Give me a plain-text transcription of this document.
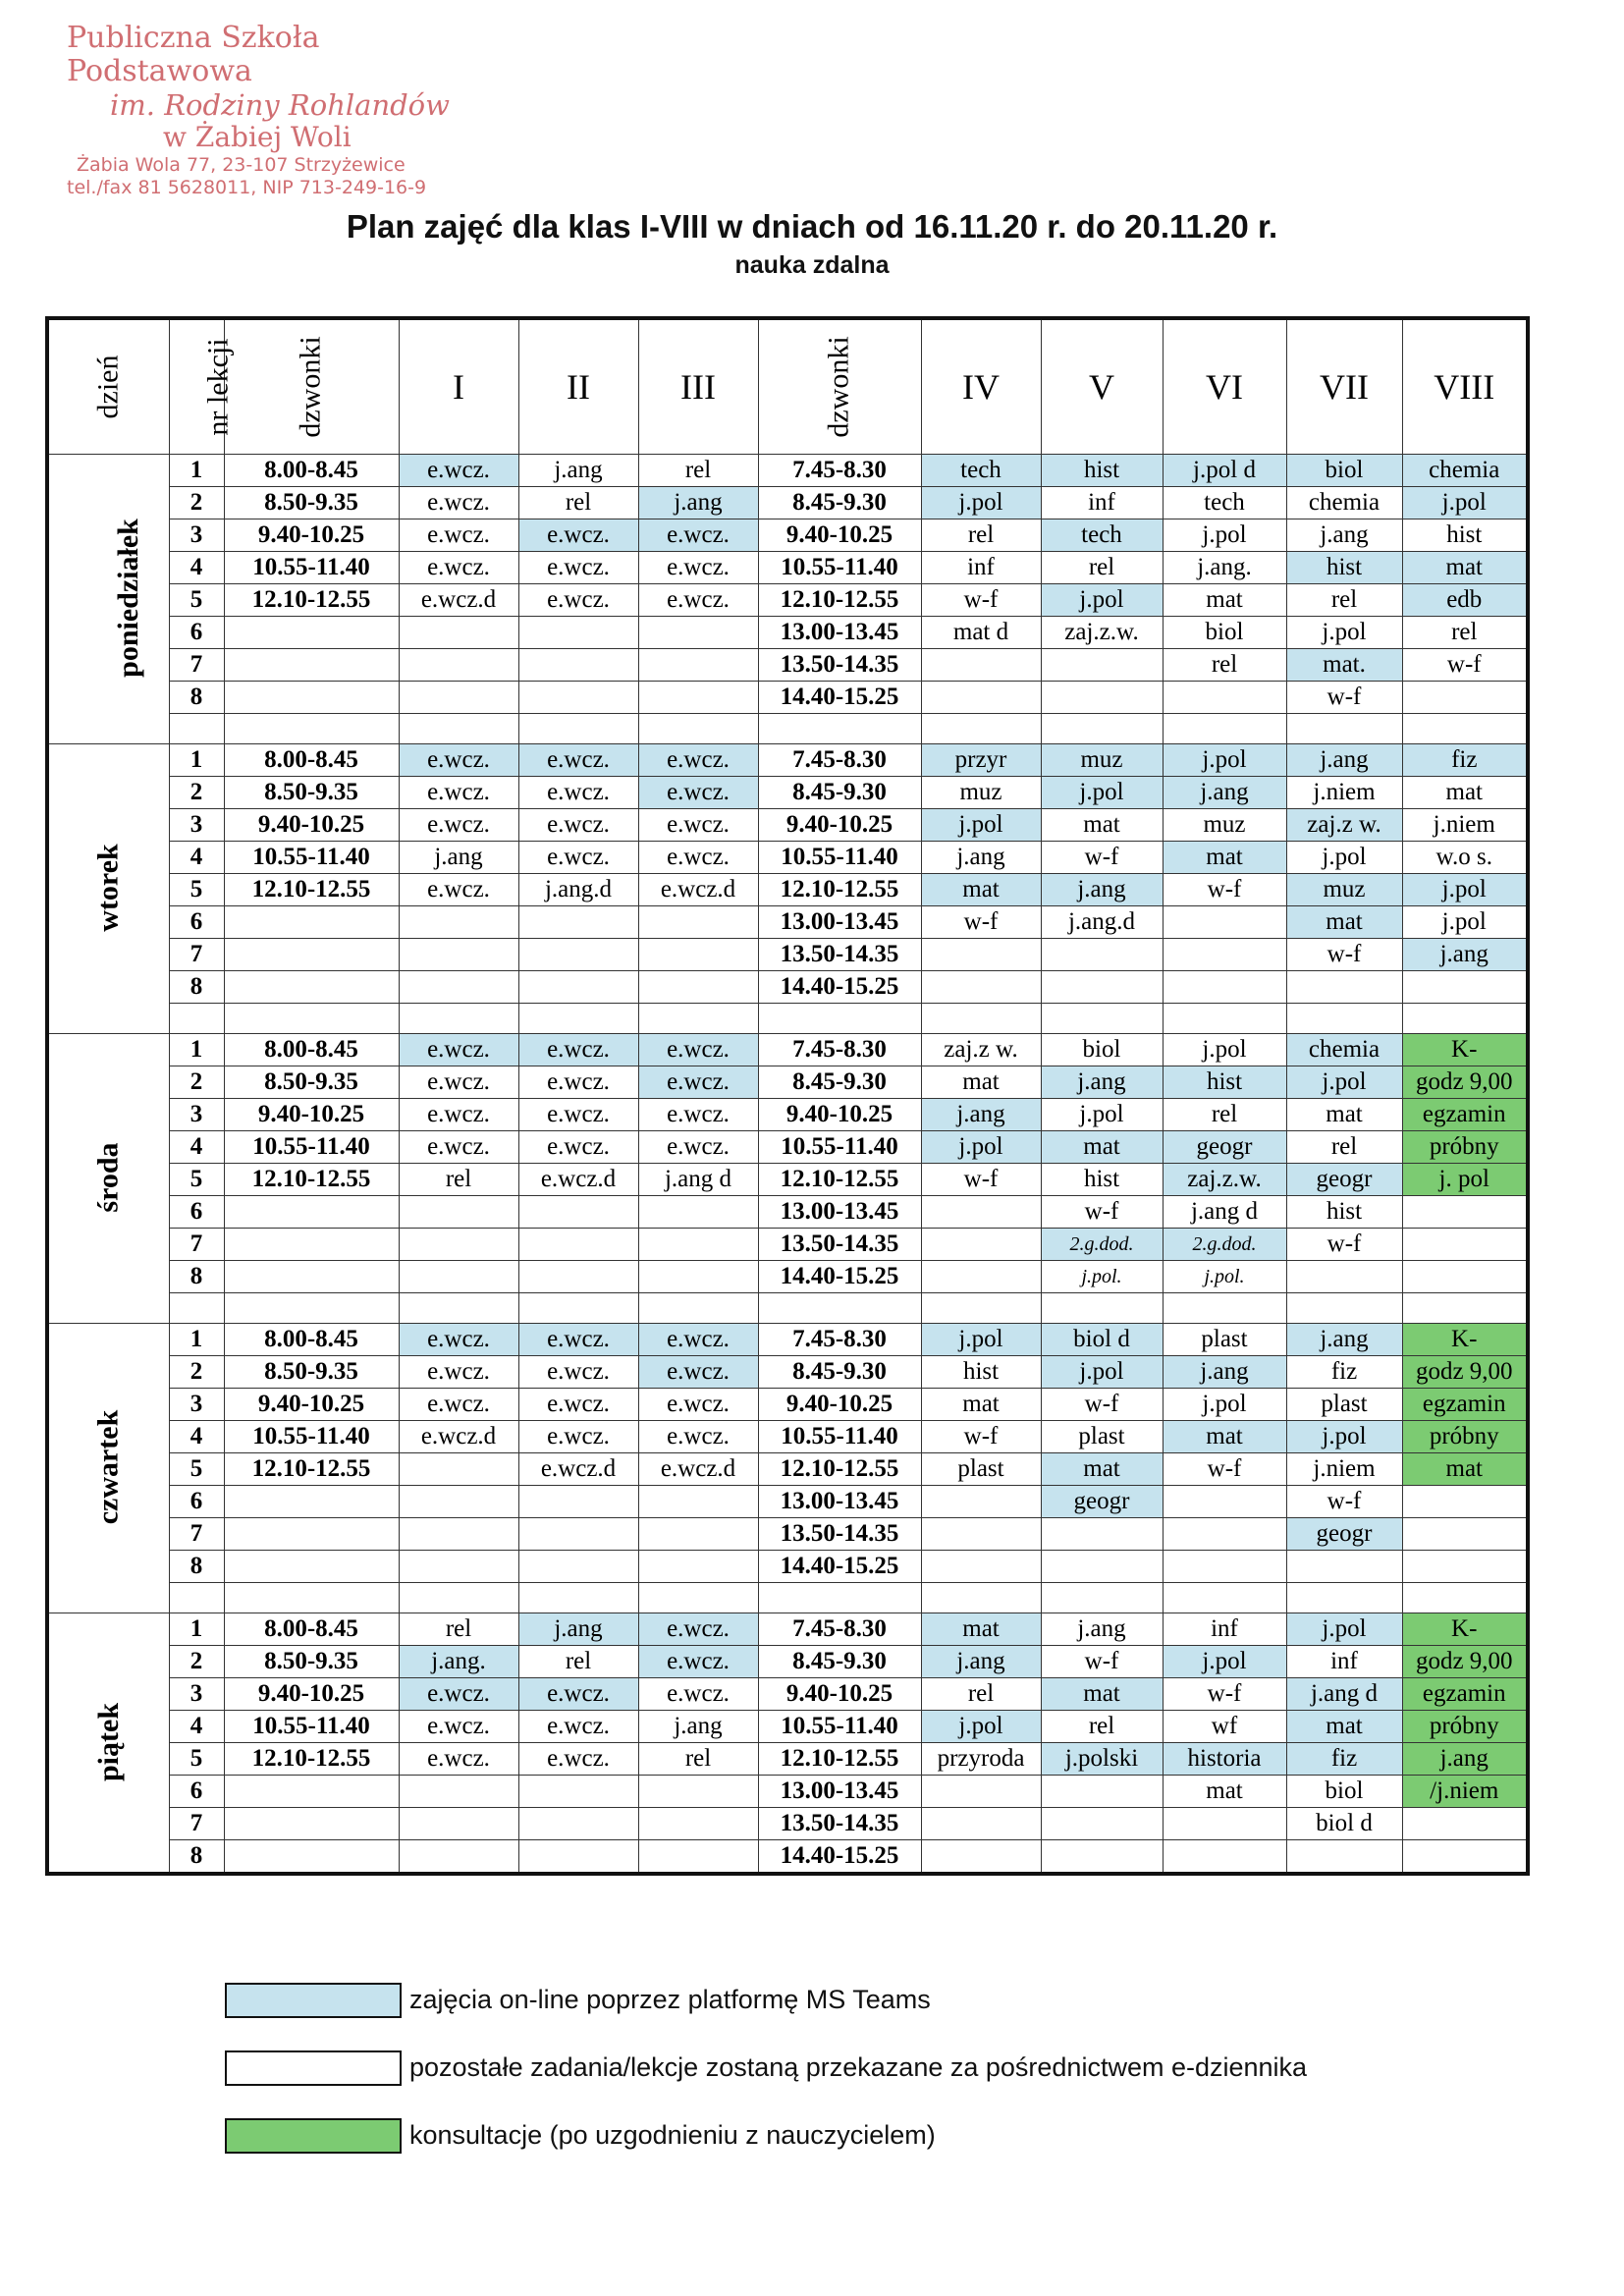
Publiczna Szkoła Podstawowa
im. Rodziny Rohlandów
w Żabiej Woli
Żabia Wola 77, 23-107 Strzyżewice
tel./fax 81 5628011, NIP 713-249-16-9
Plan zajęć dla klas I-VIII w dniach od 16.11.20 r. do 20.11.20 r.
nauka zdalna
dzień	nr lekcji	dzwonki	I	II	III	dzwonki	IV	V	VI	VII	VIII
poniedziałek	1	8.00-8.45	e.wcz.	j.ang	rel	7.45-8.30	tech	hist	j.pol d	biol	chemia
	2	8.50-9.35	e.wcz.	rel	j.ang	8.45-9.30	j.pol	inf	tech	chemia	j.pol
	3	9.40-10.25	e.wcz.	e.wcz.	e.wcz.	9.40-10.25	rel	tech	j.pol	j.ang	hist
	4	10.55-11.40	e.wcz.	e.wcz.	e.wcz.	10.55-11.40	inf	rel	j.ang.	hist	mat
	5	12.10-12.55	e.wcz.d	e.wcz.	e.wcz.	12.10-12.55	w-f	j.pol	mat	rel	edb
	6					13.00-13.45	mat d	zaj.z.w.	biol	j.pol	rel
	7					13.50-14.35			rel	mat.	w-f
	8					14.40-15.25				w-f	

wtorek	1	8.00-8.45	e.wcz.	e.wcz.	e.wcz.	7.45-8.30	przyr	muz	j.pol	j.ang	fiz
	2	8.50-9.35	e.wcz.	e.wcz.	e.wcz.	8.45-9.30	muz	j.pol	j.ang	j.niem	mat
	3	9.40-10.25	e.wcz.	e.wcz.	e.wcz.	9.40-10.25	j.pol	mat	muz	zaj.z w.	j.niem
	4	10.55-11.40	j.ang	e.wcz.	e.wcz.	10.55-11.40	j.ang	w-f	mat	j.pol	w.o s.
	5	12.10-12.55	e.wcz.	j.ang.d	e.wcz.d	12.10-12.55	mat	j.ang	w-f	muz	j.pol
	6					13.00-13.45	w-f	j.ang.d		mat	j.pol
	7					13.50-14.35				w-f	j.ang
	8					14.40-15.25					

środa	1	8.00-8.45	e.wcz.	e.wcz.	e.wcz.	7.45-8.30	zaj.z w.	biol	j.pol	chemia	K-
	2	8.50-9.35	e.wcz.	e.wcz.	e.wcz.	8.45-9.30	mat	j.ang	hist	j.pol	godz 9,00
	3	9.40-10.25	e.wcz.	e.wcz.	e.wcz.	9.40-10.25	j.ang	j.pol	rel	mat	egzamin
	4	10.55-11.40	e.wcz.	e.wcz.	e.wcz.	10.55-11.40	j.pol	mat	geogr	rel	próbny
	5	12.10-12.55	rel	e.wcz.d	j.ang d	12.10-12.55	w-f	hist	zaj.z.w.	geogr	j. pol
	6					13.00-13.45		w-f	j.ang d	hist	
	7					13.50-14.35		2.g.dod.	2.g.dod.	w-f	
	8					14.40-15.25		j.pol.	j.pol.		

czwartek	1	8.00-8.45	e.wcz.	e.wcz.	e.wcz.	7.45-8.30	j.pol	biol d	plast	j.ang	K-
	2	8.50-9.35	e.wcz.	e.wcz.	e.wcz.	8.45-9.30	hist	j.pol	j.ang	fiz	godz 9,00
	3	9.40-10.25	e.wcz.	e.wcz.	e.wcz.	9.40-10.25	mat	w-f	j.pol	plast	egzamin
	4	10.55-11.40	e.wcz.d	e.wcz.	e.wcz.	10.55-11.40	w-f	plast	mat	j.pol	próbny
	5	12.10-12.55		e.wcz.d	e.wcz.d	12.10-12.55	plast	mat	w-f	j.niem	mat
	6					13.00-13.45		geogr		w-f	
	7					13.50-14.35				geogr	
	8					14.40-15.25					

piątek	1	8.00-8.45	rel	j.ang	e.wcz.	7.45-8.30	mat	j.ang	inf	j.pol	K-
	2	8.50-9.35	j.ang.	rel	e.wcz.	8.45-9.30	j.ang	w-f	j.pol	inf	godz 9,00
	3	9.40-10.25	e.wcz.	e.wcz.	e.wcz.	9.40-10.25	rel	mat	w-f	j.ang d	egzamin
	4	10.55-11.40	e.wcz.	e.wcz.	j.ang	10.55-11.40	j.pol	rel	wf	mat	próbny
	5	12.10-12.55	e.wcz.	e.wcz.	rel	12.10-12.55	przyroda	j.polski	historia	fiz	j.ang
	6					13.00-13.45			mat	biol	/j.niem
	7					13.50-14.35				biol d	
	8					14.40-15.25					
zajęcia on-line poprzez platformę MS Teams
pozostałe zadania/lekcje zostaną przekazane za pośrednictwem e-dziennika
konsultacje (po uzgodnieniu z nauczycielem)
